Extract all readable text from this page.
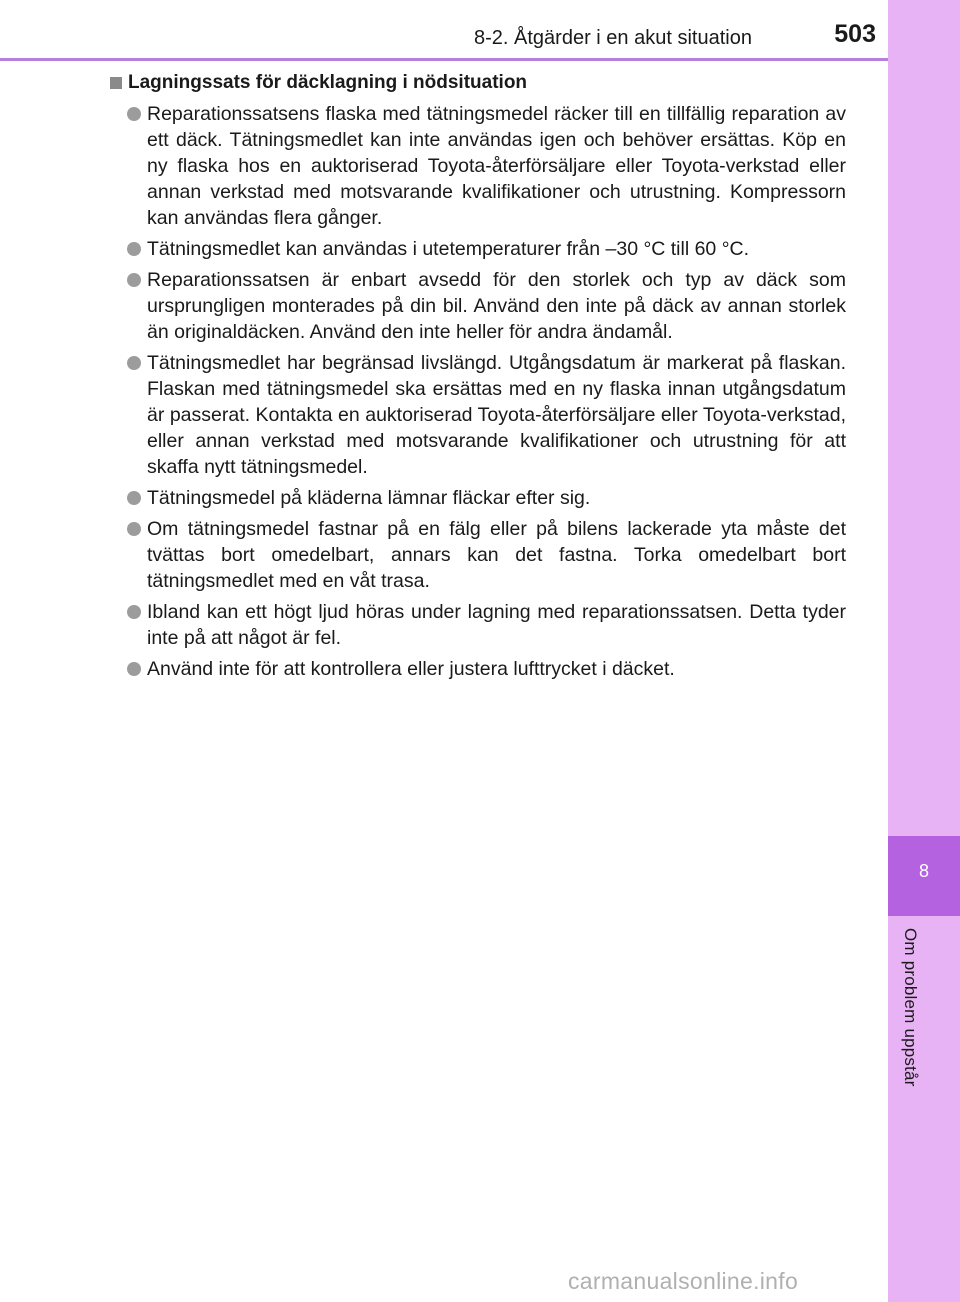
8-2. Åtgärder i en akut situation	503
8
Om problem uppstår
Lagningssats för däcklagning i nödsituation
Reparationssatsens flaska med tätningsmedel räcker till en tillfällig reparation av ett däck. Tätningsmedlet kan inte användas igen och behöver ersättas. Köp en ny flaska hos en auktoriserad Toyota-återförsäljare eller Toyota-verkstad eller annan verkstad med motsvarande kvalifikationer och utrustning. Kompressorn kan användas flera gånger.
Tätningsmedlet kan användas i utetemperaturer från –30 °C till 60 °C.
Reparationssatsen är enbart avsedd för den storlek och typ av däck som ursprungligen monterades på din bil. Använd den inte på däck av annan storlek än originaldäcken. Använd den inte heller för andra ändamål.
Tätningsmedlet har begränsad livslängd. Utgångsdatum är markerat på flaskan. Flaskan med tätningsmedel ska ersättas med en ny flaska innan utgångsdatum är passerat. Kontakta en auktoriserad Toyota-återförsäljare eller Toyota-verkstad, eller annan verkstad med motsvarande kvalifikationer och utrustning för att skaffa nytt tätningsmedel.
Tätningsmedel på kläderna lämnar fläckar efter sig.
Om tätningsmedel fastnar på en fälg eller på bilens lackerade yta måste det tvättas bort omedelbart, annars kan det fastna. Torka omedelbart bort tätningsmedlet med en våt trasa.
Ibland kan ett högt ljud höras under lagning med reparationssatsen. Detta tyder inte på att något är fel.
Använd inte för att kontrollera eller justera lufttrycket i däcket.
carmanualsonline.info
